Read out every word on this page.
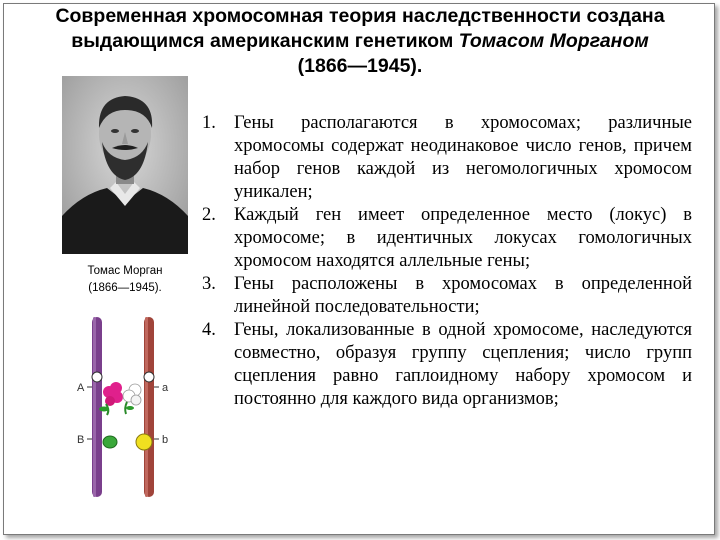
Современная хромосомная теория наследственности создана
выдающимся американским генетиком Томасом Морганом
(1866—1945).
Томас Морган
(1866—1945).
A	a
B	b
1. Гены располагаются в хромосомах; различные хромосомы содержат неодинаковое число генов, причем набор генов каждой из негомологичных хромосом уникален;
2. Каждый ген имеет определенное место (локус) в хромосоме; в идентичных локусах гомологичных хромосом находятся аллельные гены;
3. Гены расположены в хромосомах в определенной линейной последовательности;
4. Гены, локализованные в одной хромосоме, наследуются совместно, образуя группу сцепления; число групп сцепления равно гаплоидному набору хромосом и постоянно для каждого вида организмов;
